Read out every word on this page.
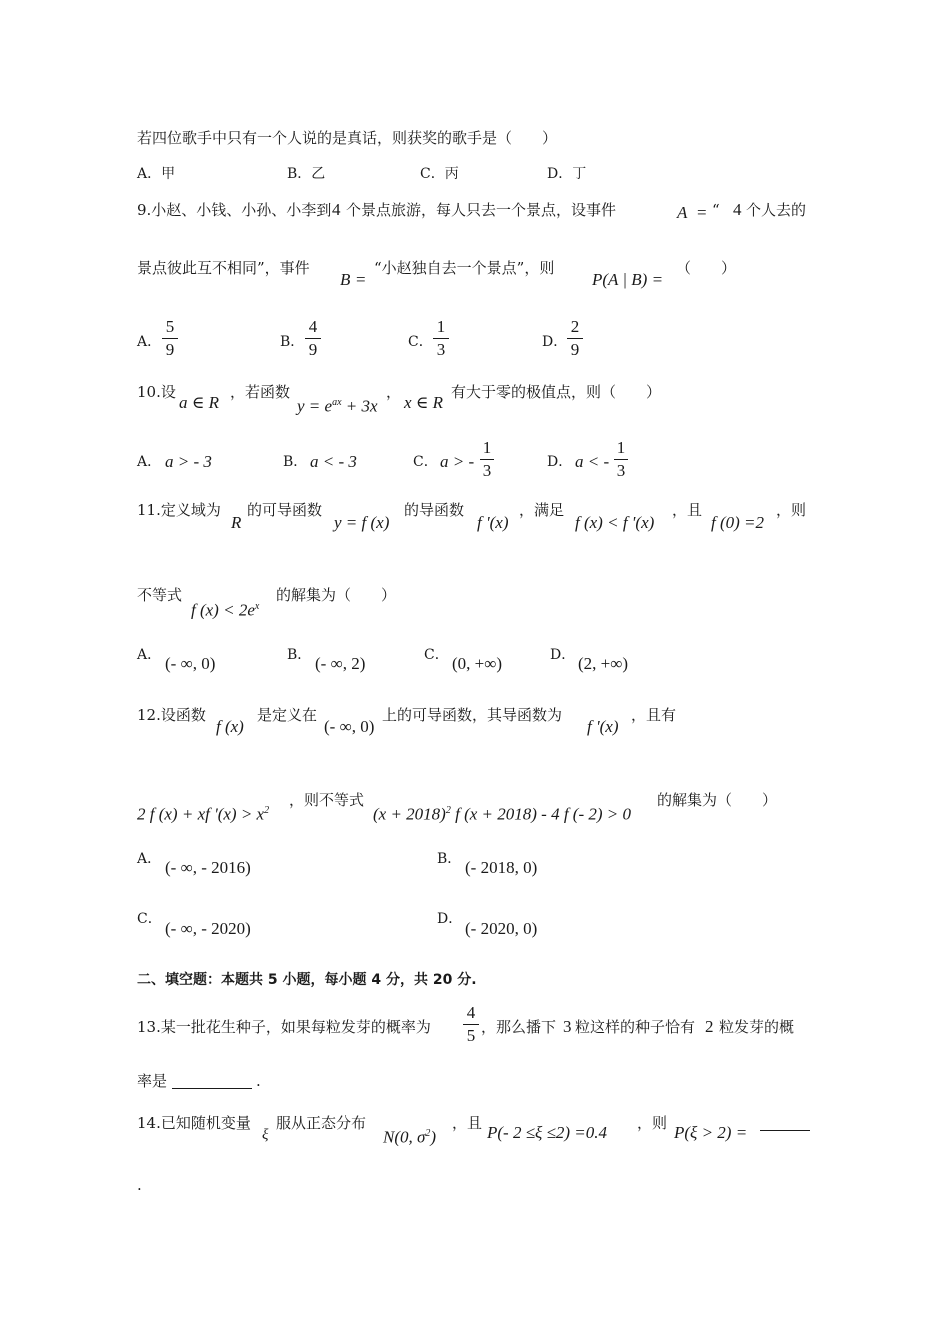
若四位歌手中只有一个人说的是真话，则获奖的歌手是（　　）
A．甲	B．乙	C．丙	D．丁
9.小赵、小钱、小孙、小李到 4 个景点旅游，每人只去一个景点，设事件	A = “ 4 个人去的
景点彼此互不相同”，事件
B =
“小赵独自去一个景点”，则
P(A | B) =
（　　）
A．
5
9	B．
4
9	C．
1
3	D．
2
9
10.设
a ∈ R
，若函数
$y = e^{ax} + 3x$
，
x ∈ R
有大于零的极值点，则（　　）
A． a > - 3	B． a < - 3	C． a > -
1
3	D． a < -
1
3
11.定义域为
R
的可导函数
y = f (x)
的导函数
f '(x)
，满足
f (x) < f '(x)
，且
f (0) =2
，则
不等式
f $(x) < 2e^x$
的解集为（　　）
A． (- ∞, 0)	B． (- ∞, 2)	C． (0, +∞)	D． (2, +∞)
12.设函数
f (x)
是定义在
(- ∞, 0)
上的可导函数，其导函数为
f '(x)
，且有
2 f (x) + xf '$(x) > x^2$
，则不等式
$(x + 2018)^2$ f (x + 2018) - 4 f (- 2) > 0
的解集为（　　）
A． (- ∞, - 2016)	B． (- 2018, 0)
C． (- ∞, - 2020)	D． (- 2020, 0)
二、填空题：本题共 5 小题，每小题 4 分，共 20 分.
13.某一批花生种子，如果每粒发芽的概率为
4
5 ，那么播下 3 粒这样的种子恰有 2 粒发芽的概
率是	.
14.已知随机变量
ξ
服从正态分布
N(0, $\sigma^2$)
，且 P(- 2 ≤ξ ≤2) =0.4 ，则 P(ξ > 2) =
.
